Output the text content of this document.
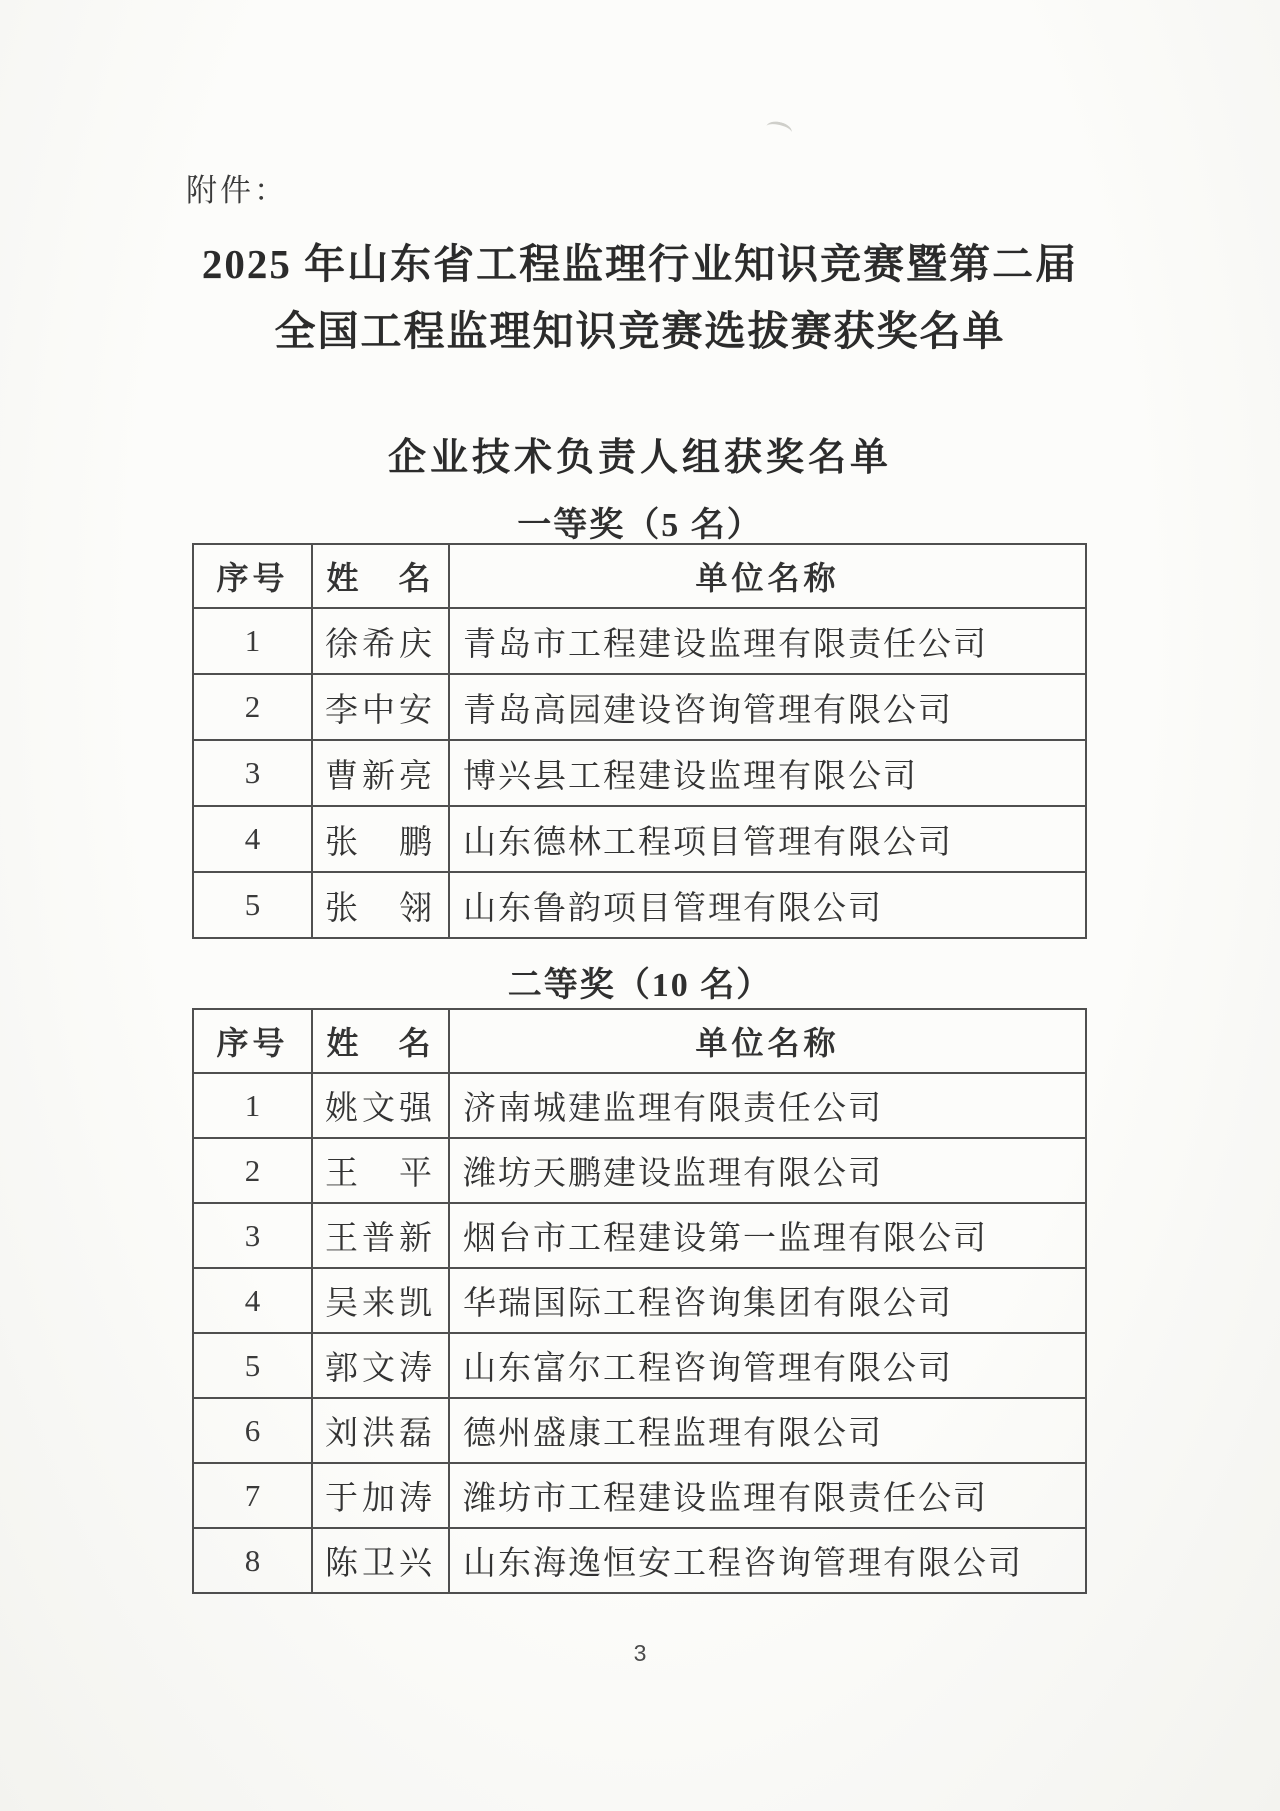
附件：
2025 年山东省工程监理行业知识竞赛暨第二届
全国工程监理知识竞赛选拔赛获奖名单
企业技术负责人组获奖名单
一等奖（5 名）
序号	姓　名	单位名称
1	徐希庆	青岛市工程建设监理有限责任公司
2	李中安	青岛高园建设咨询管理有限公司
3	曹新亮	博兴县工程建设监理有限公司
4	张　鹏	山东德林工程项目管理有限公司
5	张　翎	山东鲁韵项目管理有限公司
二等奖（10 名）
序号	姓　名	单位名称
1	姚文强	济南城建监理有限责任公司
2	王　平	潍坊天鹏建设监理有限公司
3	王普新	烟台市工程建设第一监理有限公司
4	吴来凯	华瑞国际工程咨询集团有限公司
5	郭文涛	山东富尔工程咨询管理有限公司
6	刘洪磊	德州盛康工程监理有限公司
7	于加涛	潍坊市工程建设监理有限责任公司
8	陈卫兴	山东海逸恒安工程咨询管理有限公司
3
